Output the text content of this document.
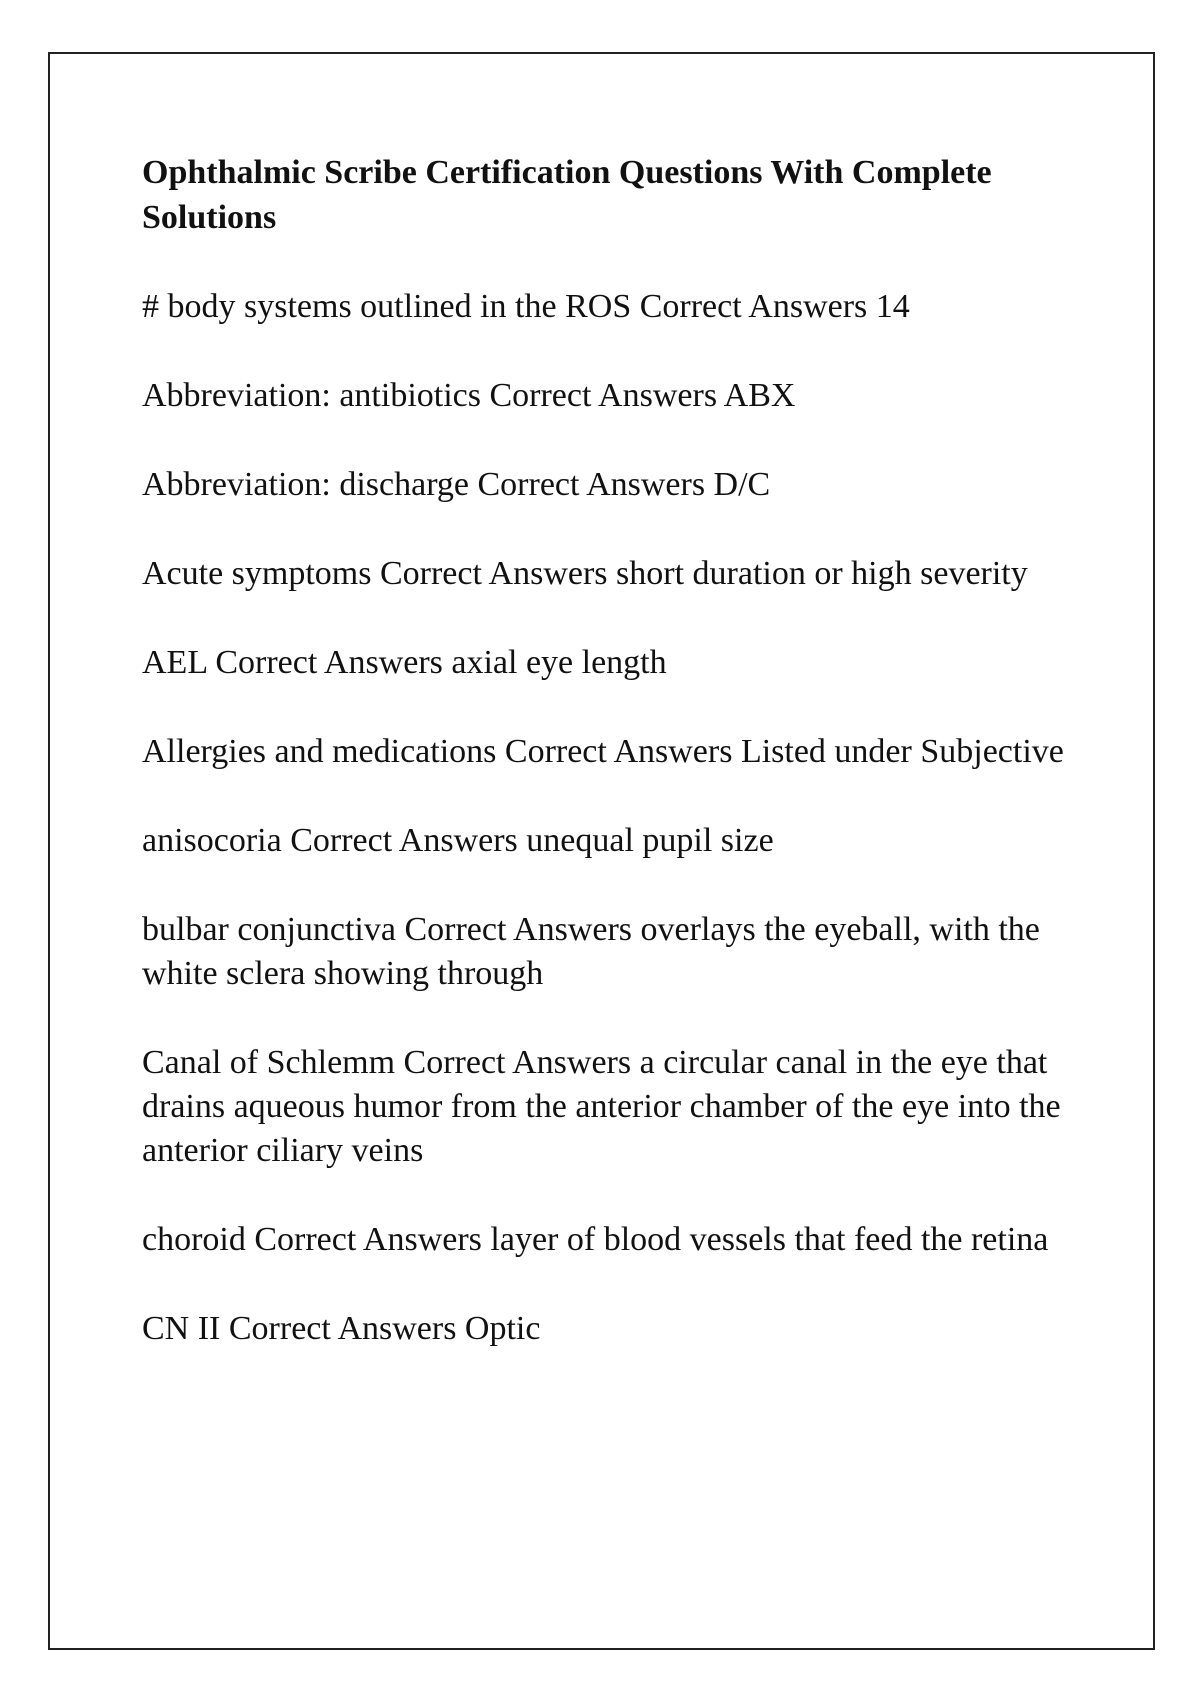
Ophthalmic Scribe Certification Questions With Complete Solutions
# body systems outlined in the ROS Correct Answers 14
Abbreviation: antibiotics Correct Answers ABX
Abbreviation: discharge Correct Answers D/C
Acute symptoms Correct Answers short duration or high severity
AEL Correct Answers axial eye length
Allergies and medications Correct Answers Listed under Subjective
anisocoria Correct Answers unequal pupil size
bulbar conjunctiva Correct Answers overlays the eyeball, with the white sclera showing through
Canal of Schlemm Correct Answers a circular canal in the eye that drains aqueous humor from the anterior chamber of the eye into the anterior ciliary veins
choroid Correct Answers layer of blood vessels that feed the retina
CN II Correct Answers Optic
